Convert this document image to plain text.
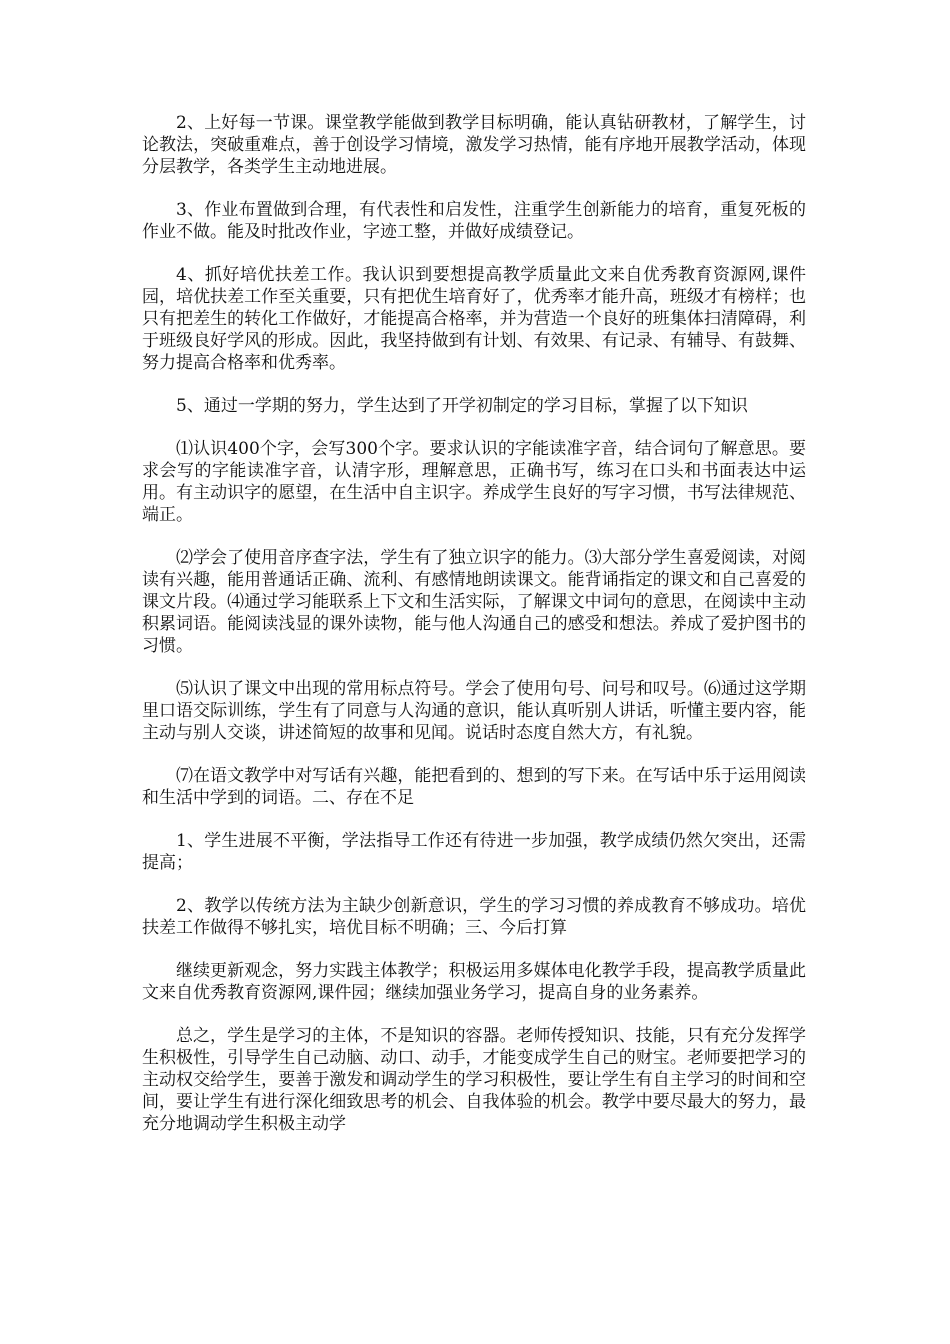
2、上好每一节课。课堂教学能做到教学目标明确，能认真钻研教材，了解学生，讨论教法，突破重难点，善于创设学习情境，激发学习热情，能有序地开展教学活动，体现分层教学，各类学生主动地进展。

3、作业布置做到合理，有代表性和启发性，注重学生创新能力的培育，重复死板的作业不做。能及时批改作业，字迹工整，并做好成绩登记。

4、抓好培优扶差工作。我认识到要想提高教学质量此文来自优秀教育资源网,课件园，培优扶差工作至关重要，只有把优生培育好了，优秀率才能升高，班级才有榜样；也只有把差生的转化工作做好，才能提高合格率，并为营造一个良好的班集体扫清障碍，利于班级良好学风的形成。因此，我坚持做到有计划、有效果、有记录、有辅导、有鼓舞、努力提高合格率和优秀率。

5、通过一学期的努力，学生达到了开学初制定的学习目标，掌握了以下知识

⑴认识400个字，会写300个字。要求认识的字能读准字音，结合词句了解意思。要求会写的字能读准字音，认清字形，理解意思，正确书写，练习在口头和书面表达中运用。有主动识字的愿望，在生活中自主识字。养成学生良好的写字习惯，书写法律规范、端正。

⑵学会了使用音序查字法，学生有了独立识字的能力。⑶大部分学生喜爱阅读，对阅读有兴趣，能用普通话正确、流利、有感情地朗读课文。能背诵指定的课文和自己喜爱的课文片段。⑷通过学习能联系上下文和生活实际，了解课文中词句的意思，在阅读中主动积累词语。能阅读浅显的课外读物，能与他人沟通自己的感受和想法。养成了爱护图书的习惯。

⑸认识了课文中出现的常用标点符号。学会了使用句号、问号和叹号。⑹通过这学期里口语交际训练，学生有了同意与人沟通的意识，能认真听别人讲话，听懂主要内容，能主动与别人交谈，讲述简短的故事和见闻。说话时态度自然大方，有礼貌。

⑺在语文教学中对写话有兴趣，能把看到的、想到的写下来。在写话中乐于运用阅读和生活中学到的词语。二、存在不足

1、学生进展不平衡，学法指导工作还有待进一步加强，教学成绩仍然欠突出，还需提高；

2、教学以传统方法为主缺少创新意识，学生的学习习惯的养成教育不够成功。培优扶差工作做得不够扎实，培优目标不明确；三、今后打算

继续更新观念，努力实践主体教学；积极运用多媒体电化教学手段，提高教学质量此文来自优秀教育资源网,课件园；继续加强业务学习，提高自身的业务素养。

总之，学生是学习的主体，不是知识的容器。老师传授知识、技能，只有充分发挥学生积极性，引导学生自己动脑、动口、动手，才能变成学生自己的财宝。老师要把学习的主动权交给学生，要善于激发和调动学生的学习积极性，要让学生有自主学习的时间和空间，要让学生有进行深化细致思考的机会、自我体验的机会。教学中要尽最大的努力，最充分地调动学生积极主动学
